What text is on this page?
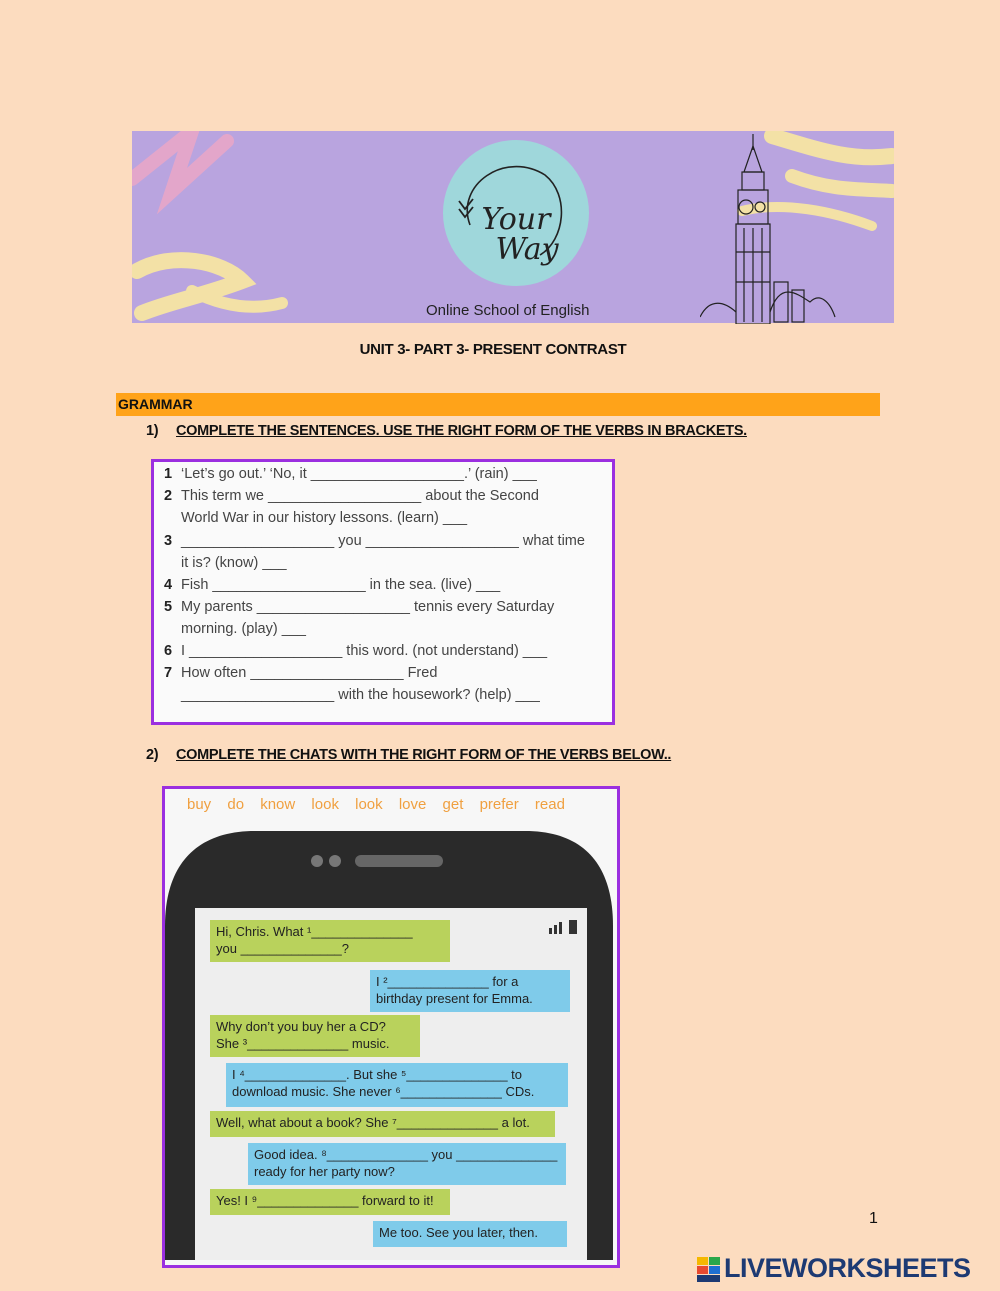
Your
Way
Online School of English
UNIT 3- PART 3- PRESENT CONTRAST
GRAMMAR
1) COMPLETE THE SENTENCES. USE THE RIGHT FORM OF THE VERBS IN BRACKETS.
1 ‘Let’s go out.’ ‘No, it ___________________.’ (rain) ___
2 This term we ___________________ about the Second
World War in our history lessons. (learn) ___
3 ___________________ you ___________________ what time
it is? (know) ___
4 Fish ___________________ in the sea. (live) ___
5 My parents ___________________ tennis every Saturday
morning. (play) ___
6 I ___________________ this word. (not understand) ___
7 How often ___________________ Fred
___________________ with the housework? (help) ___
2) COMPLETE THE CHATS WITH THE RIGHT FORM OF THE VERBS BELOW..
buy do know look look love get prefer read
Hi, Chris. What ¹______________
you ______________?
I ²______________ for a
birthday present for Emma.
Why don’t you buy her a CD?
She ³______________ music.
I ⁴______________. But she ⁵______________ to
download music. She never ⁶______________ CDs.
Well, what about a book? She ⁷______________ a lot.
Good idea. ⁸______________ you ______________
ready for her party now?
Yes! I ⁹______________ forward to it!
Me too. See you later, then.
1
LIVEWORKSHEETS
